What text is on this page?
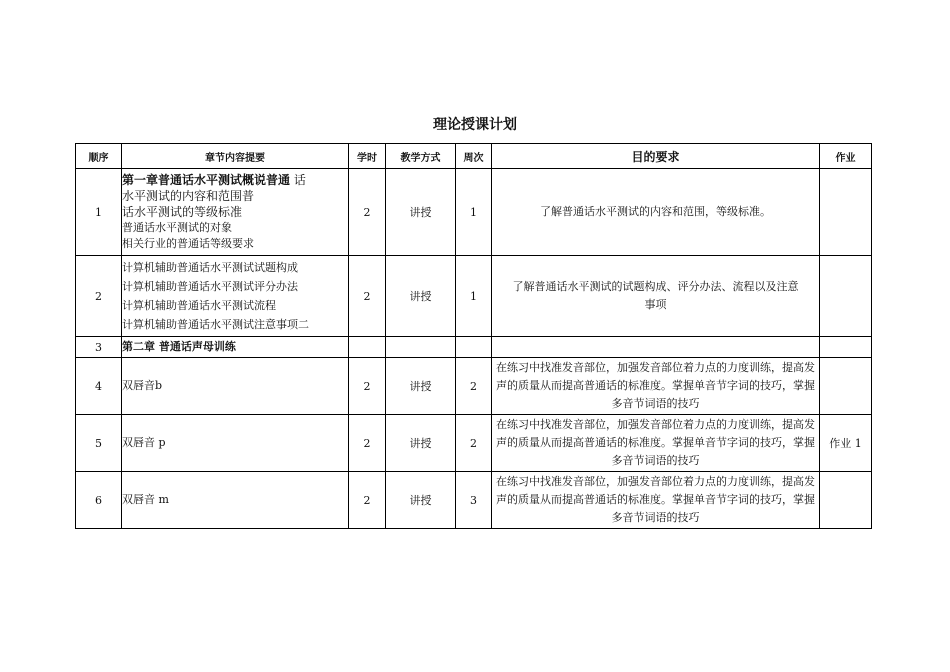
理论授课计划
顺序	章节内容提要	学时	教学方式	周次	目的要求	作业
1	第一章普通话水平测试概说普通 话
水平测试的内容和范围普
话水平测试的等级标准
普通话水平测试的对象
相关行业的普通话等级要求	2	讲授	1	了解普通话水平测试的内容和范围，等级标准。	
2	计算机辅助普通话水平测试试题构成
计算机辅助普通话水平测试评分办法
计算机辅助普通话水平测试流程
计算机辅助普通话水平测试注意事项二	2	讲授	1	了解普通话水平测试的试题构成、评分办法、流程以及注意事项	
3	第二章 普通话声母训练					
4	双唇音b	2	讲授	2	在练习中找准发音部位，加强发音部位着力点的力度训练，提高发声的质量从而提高普通话的标准度。掌握单音节字词的技巧，掌握多音节词语的技巧	
5	双唇音 p	2	讲授	2	在练习中找准发音部位，加强发音部位着力点的力度训练，提高发声的质量从而提高普通话的标准度。掌握单音节字词的技巧，掌握多音节词语的技巧	作业 1
6	双唇音 m	2	讲授	3	在练习中找准发音部位，加强发音部位着力点的力度训练，提高发声的质量从而提高普通话的标准度。掌握单音节字词的技巧，掌握多音节词语的技巧	
